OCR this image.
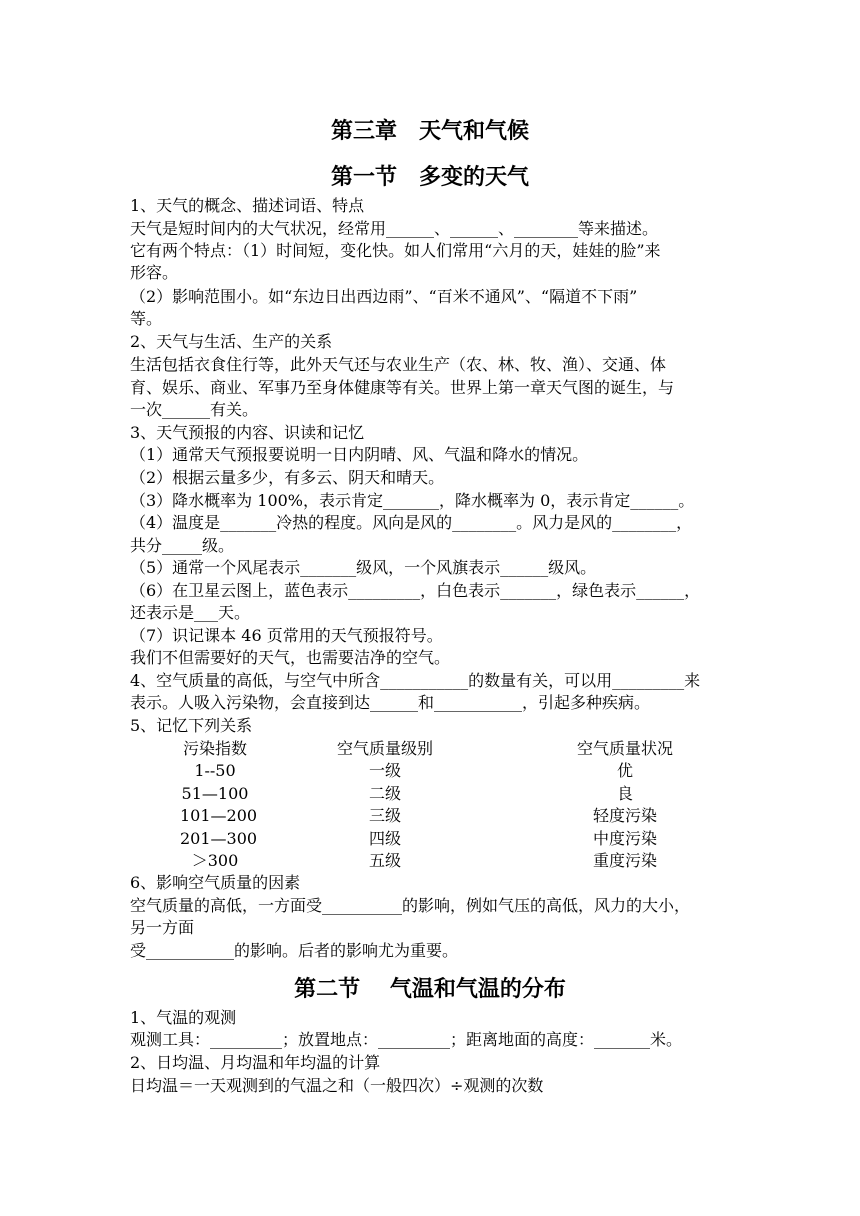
第三章　天气和气候
第一节　多变的天气
1、天气的概念、描述词语、特点
天气是短时间内的大气状况，经常用______、______、________等来描述。
它有两个特点：（1）时间短，变化快。如人们常用“六月的天，娃娃的脸”来
形容。
（2）影响范围小。如“东边日出西边雨”、“百米不通风”、“隔道不下雨”
等。
2、天气与生活、生产的关系
生活包括衣食住行等，此外天气还与农业生产（农、林、牧、渔）、交通、体
育、娱乐、商业、军事乃至身体健康等有关。世界上第一章天气图的诞生，与
一次______有关。
3、天气预报的内容、识读和记忆
（1）通常天气预报要说明一日内阴晴、风、气温和降水的情况。
（2）根据云量多少，有多云、阴天和晴天。
（3）降水概率为 100%，表示肯定_______，降水概率为 0，表示肯定______。
（4）温度是_______冷热的程度。风向是风的________。风力是风的________，
共分_____级。
（5）通常一个风尾表示_______级风，一个风旗表示______级风。
（6）在卫星云图上，蓝色表示_________，白色表示_______，绿色表示______，
还表示是___天。
（7）识记课本 46 页常用的天气预报符号。
我们不但需要好的天气，也需要洁净的空气。
4、空气质量的高低，与空气中所含___________的数量有关，可以用_________来
表示。人吸入污染物，会直接到达______和___________，引起多种疾病。
5、记忆下列关系
污染指数	空气质量级别	空气质量状况
1--50	一级	优
51—100	二级	良
101—200	三级	轻度污染
201—300	四级	中度污染
＞300	五级	重度污染
6、影响空气质量的因素
空气质量的高低，一方面受__________的影响，例如气压的高低，风力的大小，
另一方面
受___________的影响。后者的影响尤为重要。
第二节　 气温和气温的分布
1、气温的观测
观测工具：_________；放置地点：_________；距离地面的高度：_______米。
2、日均温、月均温和年均温的计算
日均温＝一天观测到的气温之和（一般四次）÷观测的次数
